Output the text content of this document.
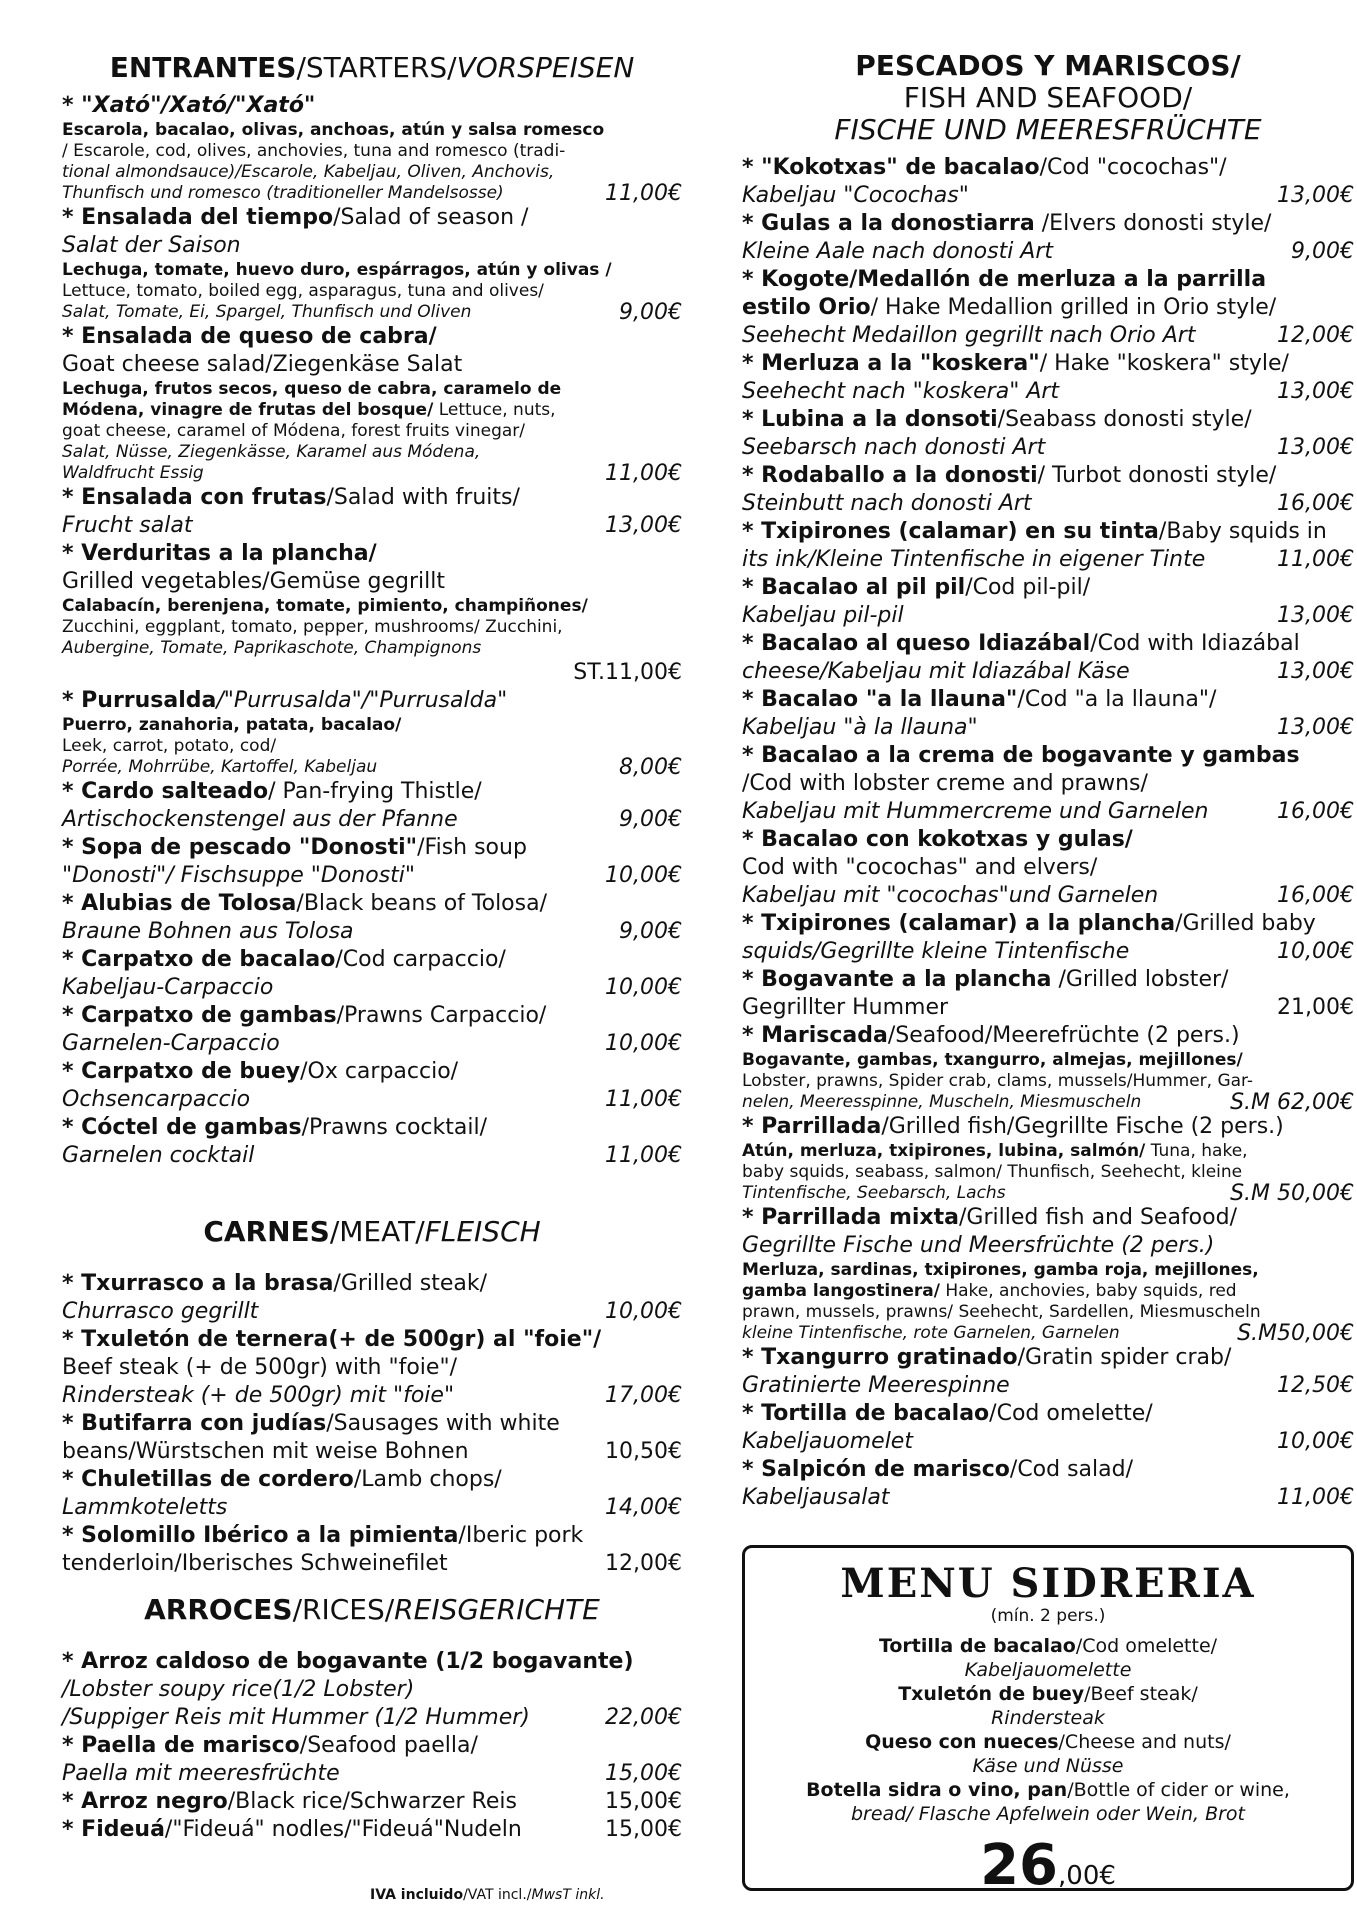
ENTRANTES/STARTERS/VORSPEISEN
* "Xató"/Xató/"Xató"
Escarola, bacalao, olivas, anchoas, atún y salsa romesco
/ Escarole, cod, olives, anchovies, tuna and romesco (tradi-
tional almondsauce)/Escarole, Kabeljau, Oliven, Anchovis,
Thunfisch und romesco (traditioneller Mandelsosse)	11,00€
* Ensalada del tiempo/Salad of season /
Salat der Saison
Lechuga, tomate, huevo duro, espárragos, atún y olivas /
Lettuce, tomato, boiled egg, asparagus, tuna and olives/
Salat, Tomate, Ei, Spargel, Thunfisch und Oliven	9,00€
* Ensalada de queso de cabra/
Goat cheese salad/Ziegenkäse Salat
Lechuga, frutos secos, queso de cabra, caramelo de
Módena, vinagre de frutas del bosque/ Lettuce, nuts,
goat cheese, caramel of Módena, forest fruits vinegar/
Salat, Nüsse, Ziegenkässe, Karamel aus Módena,
Waldfrucht Essig	11,00€
* Ensalada con frutas/Salad with fruits/
Frucht salat	13,00€
* Verduritas a la plancha/
Grilled vegetables/Gemüse gegrillt
Calabacín, berenjena, tomate, pimiento, champiñones/
Zucchini, eggplant, tomato, pepper, mushrooms/ Zucchini,
Aubergine, Tomate, Paprikaschote, Champignons
ST.11,00€

* Purrusalda/"Purrusalda"/"Purrusalda"
Puerro, zanahoria, patata, bacalao/
Leek, carrot, potato, cod/
Porrée, Mohrrübe, Kartoffel, Kabeljau	8,00€
* Cardo salteado/ Pan-frying Thistle/
Artischockenstengel aus der Pfanne	9,00€
* Sopa de pescado "Donosti"/Fish soup
"Donosti"/ Fischsuppe "Donosti"	10,00€
* Alubias de Tolosa/Black beans of Tolosa/
Braune Bohnen aus Tolosa	9,00€
* Carpatxo de bacalao/Cod carpaccio/
Kabeljau-Carpaccio	10,00€
* Carpatxo de gambas/Prawns Carpaccio/
Garnelen-Carpaccio	10,00€
* Carpatxo de buey/Ox carpaccio/
Ochsencarpaccio	11,00€
* Cóctel de gambas/Prawns cocktail/
Garnelen cocktail	11,00€
CARNES/MEAT/FLEISCH
* Txurrasco a la brasa/Grilled steak/
Churrasco gegrillt	10,00€
* Txuletón de ternera(+ de 500gr) al "foie"/
Beef steak (+ de 500gr) with "foie"/
Rindersteak (+ de 500gr) mit "foie"	17,00€
* Butifarra con judías/Sausages with white
beans/Würstschen mit weise Bohnen	10,50€
* Chuletillas de cordero/Lamb chops/
Lammkoteletts	14,00€
* Solomillo Ibérico a la pimienta/Iberic pork
tenderloin/Iberisches Schweinefilet	12,00€
ARROCES/RICES/REISGERICHTE
* Arroz caldoso de bogavante (1/2 bogavante)
/Lobster soupy rice(1/2 Lobster)
/Suppiger Reis mit Hummer (1/2 Hummer)	22,00€
* Paella de marisco/Seafood paella/
Paella mit meeresfrüchte	15,00€
* Arroz negro/Black rice/Schwarzer Reis	15,00€
* Fideuá/"Fideuá" nodles/"Fideuá"Nudeln	15,00€
PESCADOS Y MARISCOS/
FISH AND SEAFOOD/
FISCHE UND MEERESFRÜCHTE
* "Kokotxas" de bacalao/Cod "cocochas"/
Kabeljau "Cocochas"	13,00€
* Gulas a la donostiarra /Elvers donosti style/
Kleine Aale nach donosti Art	9,00€
* Kogote/Medallón de merluza a la parrilla
estilo Orio/ Hake Medallion grilled in Orio style/
Seehecht Medaillon gegrillt nach Orio Art	12,00€
* Merluza a la "koskera"/ Hake "koskera" style/
Seehecht nach "koskera" Art	13,00€
* Lubina a la donsoti/Seabass donosti style/
Seebarsch nach donosti Art	13,00€
* Rodaballo a la donosti/ Turbot donosti style/
Steinbutt nach donosti Art	16,00€
* Txipirones (calamar) en su tinta/Baby squids in
its ink/Kleine Tintenfische in eigener Tinte	11,00€
* Bacalao al pil pil/Cod pil-pil/
Kabeljau pil-pil	13,00€
* Bacalao al queso Idiazábal/Cod with Idiazábal
cheese/Kabeljau mit Idiazábal Käse	13,00€
* Bacalao "a la llauna"/Cod "a la llauna"/
Kabeljau "à la llauna"	13,00€
* Bacalao a la crema de bogavante y gambas
/Cod with lobster creme and prawns/
Kabeljau mit Hummercreme und Garnelen	16,00€
* Bacalao con kokotxas y gulas/
Cod with "cocochas" and elvers/
Kabeljau mit "cocochas"und Garnelen	16,00€
* Txipirones (calamar) a la plancha/Grilled baby
squids/Gegrillte kleine Tintenfische	10,00€
* Bogavante a la plancha /Grilled lobster/
Gegrillter Hummer	21,00€
* Mariscada/Seafood/Meerefrüchte (2 pers.)
Bogavante, gambas, txangurro, almejas, mejillones/
Lobster, prawns, Spider crab, clams, mussels/Hummer, Gar-
nelen, Meeresspinne, Muscheln, Miesmuscheln	S.M 62,00€
* Parrillada/Grilled fish/Gegrillte Fische (2 pers.)
Atún, merluza, txipirones, lubina, salmón/ Tuna, hake,
baby squids, seabass, salmon/ Thunfisch, Seehecht, kleine
Tintenfische, Seebarsch, Lachs	S.M 50,00€
* Parrillada mixta/Grilled fish and Seafood/
Gegrillte Fische und Meersfrüchte (2 pers.)
Merluza, sardinas, txipirones, gamba roja, mejillones,
gamba langostinera/ Hake, anchovies, baby squids, red
prawn, mussels, prawns/ Seehecht, Sardellen, Miesmuscheln
kleine Tintenfische, rote Garnelen, Garnelen	S.M50,00€
* Txangurro gratinado/Gratin spider crab/
Gratinierte Meerespinne	12,50€
* Tortilla de bacalao/Cod omelette/
Kabeljauomelet	10,00€
* Salpicón de marisco/Cod salad/
Kabeljausalat	11,00€
MENU SIDRERIA
(mín. 2 pers.)
Tortilla de bacalao/Cod omelette/
Kabeljauomelette
Txuletón de buey/Beef steak/
Rindersteak
Queso con nueces/Cheese and nuts/
Käse und Nüsse
Botella sidra o vino, pan/Bottle of cider or wine,
bread/ Flasche Apfelwein oder Wein, Brot
26,00€
IVA incluido/VAT incl./MwsT inkl.
